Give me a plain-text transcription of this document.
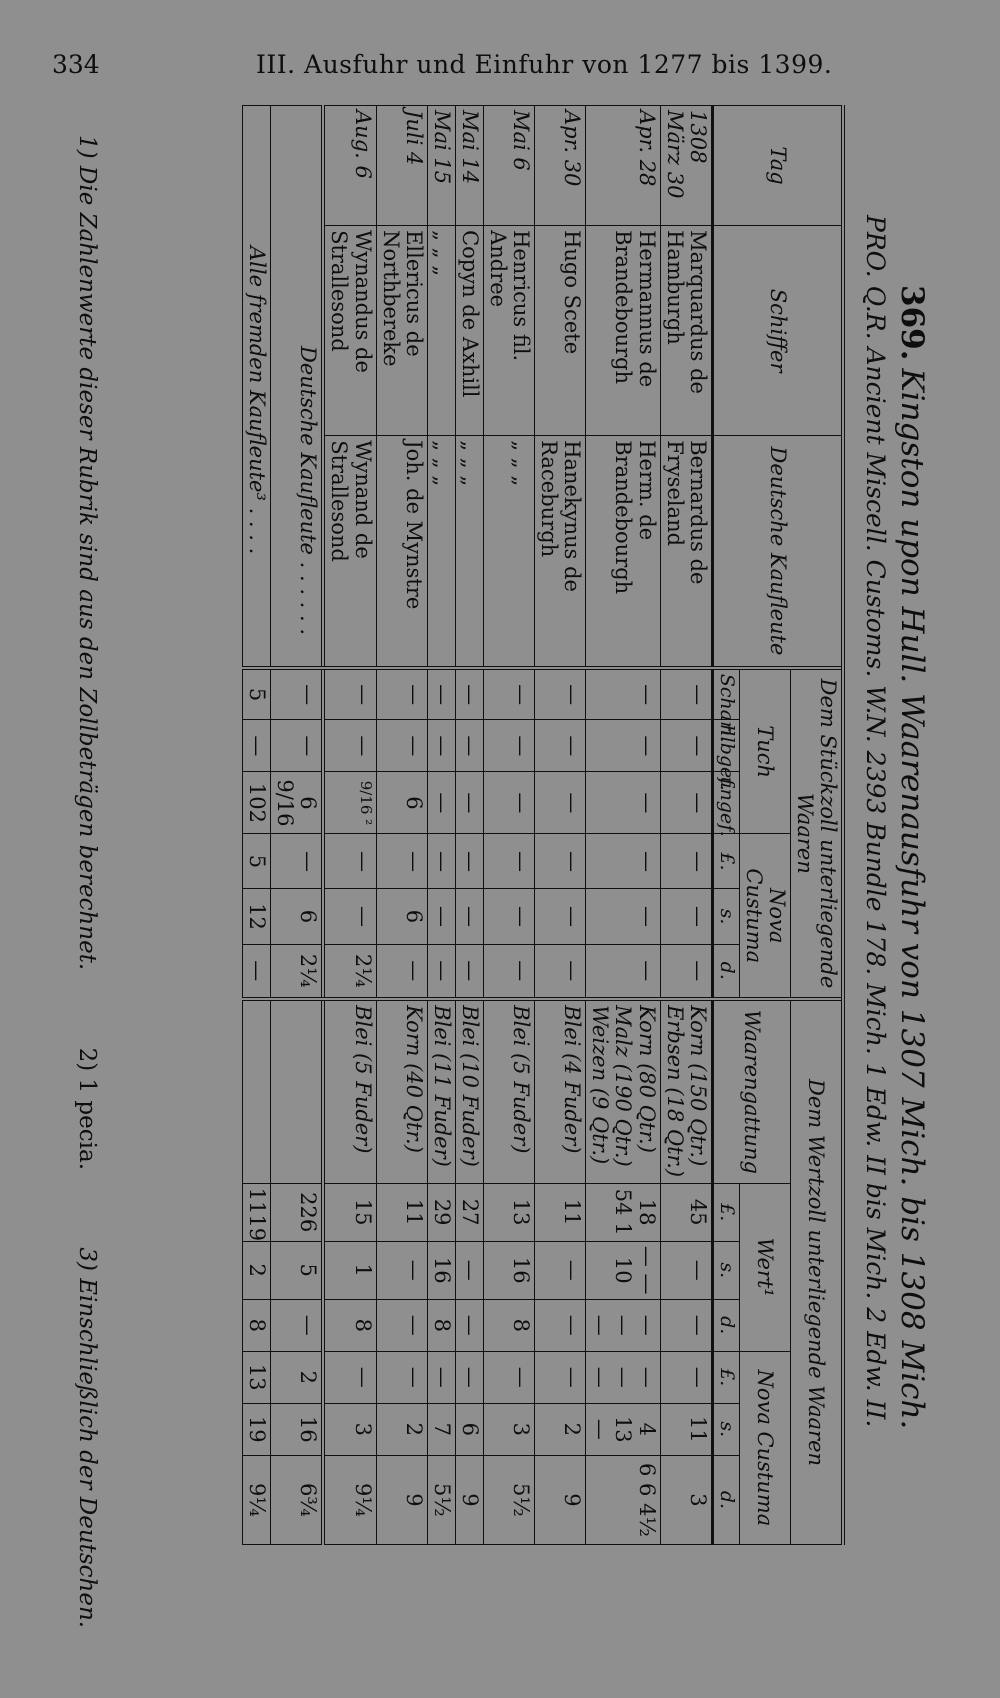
334	III. Ausfuhr und Einfuhr von 1277 bis 1399.
369.Kingston upon Hull. Waarenausfuhr von 1307 Mich. bis 1308 Mich.
PRO. Q.R. Ancient Miscell. Customs. W.N. 2393 Bundle 178. Mich. 1 Edw. II bis Mich. 2 Edw. II.
Tag	Schiffer	Deutsche Kaufleute	Dem Stückzoll unterliegende Waaren						Dem Wertzoll unterliegende Waaren						
			Tuch			Nova Custuma			Waarengattung	Wert¹			Nova Custuma		
			Scharl.	hlbgef.	ungef.	£.	s.	d.		£.	s.	d.	£.	s.	d.
1308 März 30	Marquardus de Hamburgh	Bernardus de Fryseland	—	—	—	—	—	—	Korn (150 Qtr.) Erbsen (18 Qtr.)	45	—	—	—	11	3
Apr. 28	Hermannus de Brandebourgh	Herm. de Brandebourgh	—	—	—	—	—	—	Korn (80 Qtr.) Malz (190 Qtr.) Weizen (9 Qtr.)	18 54 1	— — 10	— — —	— — —	4 13 —	6 6 4½
Apr. 30	Hugo Scete	Hanekynus de Raceburgh	—	—	—	—	—	—	Blei (4 Fuder)	11	—	—	—	2	9
Mai 6	Henricus fil. Andree	„ „ „	—	—	—	—	—	—	Blei (5 Fuder)	13	16	8	—	3	5½
Mai 14	Copyn de Axhill	„ „ „	—	—	—	—	—	—	Blei (10 Fuder)	27	—	—	—	6	9
Mai 15	„ „ „	„ „ „	—	—	—	—	—	—	Blei (11 Fuder)	29	16	8	—	7	5½
Juli 4	Ellericus de Northbereke	Joh. de Mynstre	—	—	6	—	6	—	Korn (40 Qtr.)	11	—	—	—	2	9
Aug. 6	Wynandus de Strallesond	Wynand de Strallesond	—	—	9/16 ²	—	—	2¼	Blei (5 Fuder)	15	1	8	—	3	9¼
Deutsche Kaufleute . . . . . .			—	—	6 9/16	—	6	2¼		226	5	—	2	16	6¾
Alle fremden Kaufleute³ . . . .			5	—	102	5	12	—		1119	2	8	13	19	9¼
1) Die Zahlenwerte dieser Rubrik sind aus den Zollbeträgen berechnet. 2) 1 pecia. 3) Einschließlich der Deutschen.
